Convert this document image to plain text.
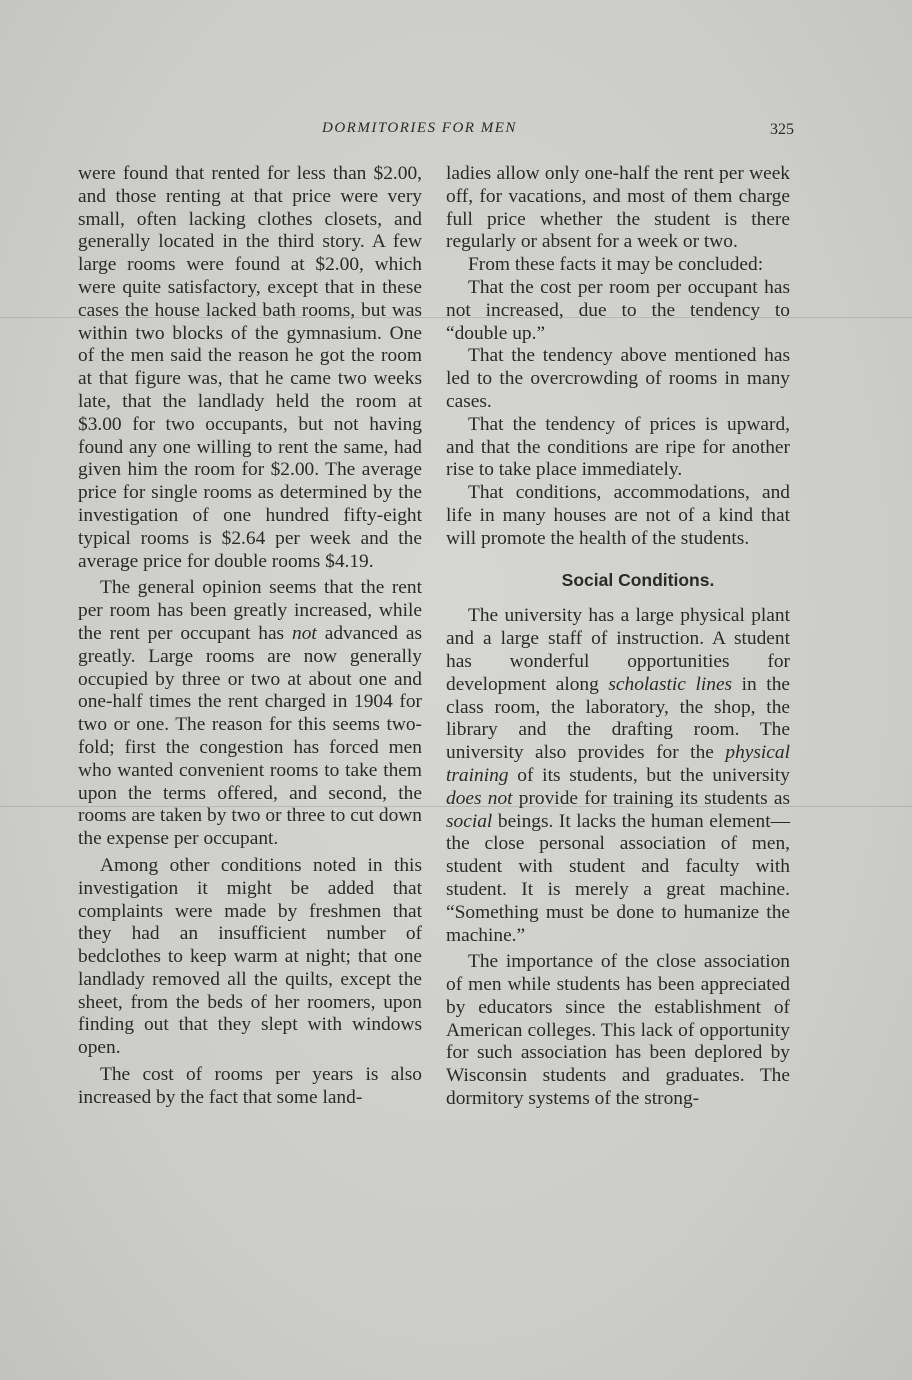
DORMITORIES FOR MEN	325

were found that rented for less than $2.00, and those renting at that price were very small, often lacking clothes closets, and generally located in the third story. A few large rooms were found at $2.00, which were quite satisfactory, except that in these cases the house lacked bath rooms, but was within two blocks of the gymnasium. One of the men said the reason he got the room at that figure was, that he came two weeks late, that the landlady held the room at $3.00 for two occupants, but not having found any one willing to rent the same, had given him the room for $2.00. The average price for single rooms as determined by the investigation of one hundred fifty-eight typical rooms is $2.64 per week and the average price for double rooms $4.19.

The general opinion seems that the rent per room has been greatly increased, while the rent per occupant has not advanced as greatly. Large rooms are now generally occupied by three or two at about one and one-half times the rent charged in 1904 for two or one. The reason for this seems two-fold; first the congestion has forced men who wanted convenient rooms to take them upon the terms offered, and second, the rooms are taken by two or three to cut down the expense per occupant.

Among other conditions noted in this investigation it might be added that complaints were made by freshmen that they had an insufficient number of bedclothes to keep warm at night; that one landlady removed all the quilts, except the sheet, from the beds of her roomers, upon finding out that they slept with windows open.

The cost of rooms per years is also increased by the fact that some land-

ladies allow only one-half the rent per week off, for vacations, and most of them charge full price whether the student is there regularly or absent for a week or two.

From these facts it may be concluded:

That the cost per room per occupant has not increased, due to the tendency to “double up.”

That the tendency above mentioned has led to the overcrowding of rooms in many cases.

That the tendency of prices is upward, and that the conditions are ripe for another rise to take place immediately.

That conditions, accommodations, and life in many houses are not of a kind that will promote the health of the students.

Social Conditions.

The university has a large physical plant and a large staff of instruction. A student has wonderful opportunities for development along scholastic lines in the class room, the laboratory, the shop, the library and the drafting room. The university also provides for the physical training of its students, but the university does not provide for training its students as social beings. It lacks the human element—the close personal association of men, student with student and faculty with student. It is merely a great machine. “Something must be done to humanize the machine.”

The importance of the close association of men while students has been appreciated by educators since the establishment of American colleges. This lack of opportunity for such association has been deplored by Wisconsin students and graduates. The dormitory systems of the strong-
